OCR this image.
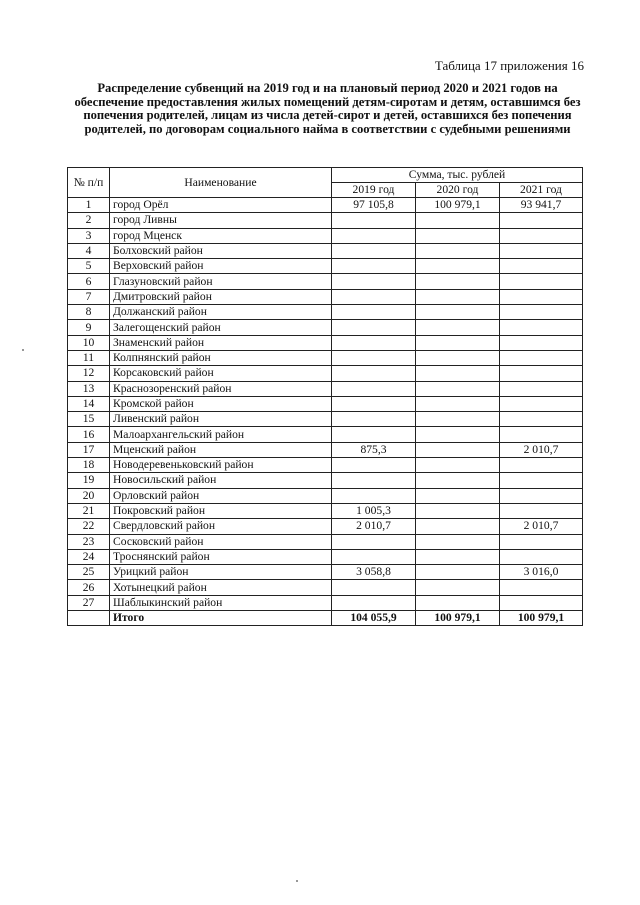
Таблица 17 приложения 16
Распределение субвенций на 2019 год и на плановый период 2020 и 2021 годов на обеспечение предоставления жилых помещений детям-сиротам и детям, оставшимся без попечения родителей, лицам из числа детей-сирот и детей, оставшихся без попечения родителей, по договорам социального найма в соответствии с судебными решениями
№ п/п	Наименование	Сумма, тыс. рублей		
		2019 год	2020 год	2021 год
1	город Орёл	97 105,8	100 979,1	93 941,7
2	город Ливны			
3	город Мценск			
4	Болховский район			
5	Верховский район			
6	Глазуновский район			
7	Дмитровский район			
8	Должанский район			
9	Залегощенский район			
10	Знаменский район			
11	Колпнянский район			
12	Корсаковский район			
13	Краснозоренский район			
14	Кромской район			
15	Ливенский район			
16	Малоархангельский район			
17	Мценский район	875,3		2 010,7
18	Новодеревеньковский район			
19	Новосильский район			
20	Орловский район			
21	Покровский район	1 005,3		
22	Свердловский район	2 010,7		2 010,7
23	Сосковский район			
24	Троснянский район			
25	Урицкий район	3 058,8		3 016,0
26	Хотынецкий район			
27	Шаблыкинский район			
	Итого	104 055,9	100 979,1	100 979,1
